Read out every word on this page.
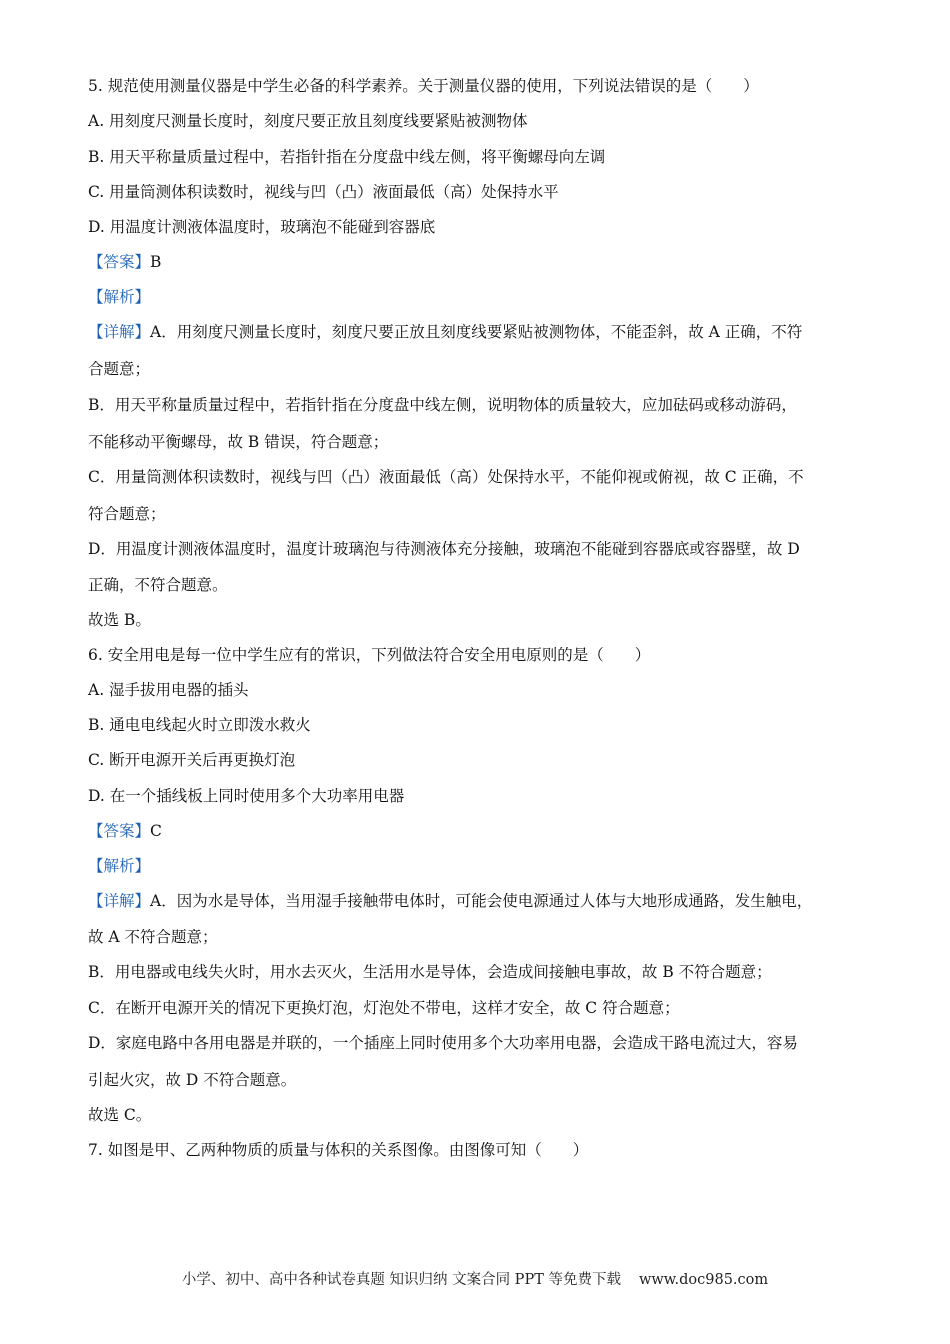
5. 规范使用测量仪器是中学生必备的科学素养。关于测量仪器的使用，下列说法错误的是（　　）
A. 用刻度尺测量长度时，刻度尺要正放且刻度线要紧贴被测物体
B. 用天平称量质量过程中，若指针指在分度盘中线左侧，将平衡螺母向左调
C. 用量筒测体积读数时，视线与凹（凸）液面最低（高）处保持水平
D. 用温度计测液体温度时，玻璃泡不能碰到容器底
【答案】B
【解析】
【详解】A．用刻度尺测量长度时，刻度尺要正放且刻度线要紧贴被测物体，不能歪斜，故 A 正确，不符
合题意；
B．用天平称量质量过程中，若指针指在分度盘中线左侧，说明物体的质量较大，应加砝码或移动游码，
不能移动平衡螺母，故 B 错误，符合题意；
C．用量筒测体积读数时，视线与凹（凸）液面最低（高）处保持水平，不能仰视或俯视，故 C 正确，不
符合题意；
D．用温度计测液体温度时，温度计玻璃泡与待测液体充分接触，玻璃泡不能碰到容器底或容器壁，故 D
正确，不符合题意。
故选 B。
6. 安全用电是每一位中学生应有的常识，下列做法符合安全用电原则的是（　　）
A. 湿手拔用电器的插头
B. 通电电线起火时立即泼水救火
C. 断开电源开关后再更换灯泡
D. 在一个插线板上同时使用多个大功率用电器
【答案】C
【解析】
【详解】A．因为水是导体，当用湿手接触带电体时，可能会使电源通过人体与大地形成通路，发生触电，
故 A 不符合题意；
B．用电器或电线失火时，用水去灭火，生活用水是导体，会造成间接触电事故，故 B 不符合题意；
C．在断开电源开关的情况下更换灯泡，灯泡处不带电，这样才安全，故 C 符合题意；
D．家庭电路中各用电器是并联的，一个插座上同时使用多个大功率用电器，会造成干路电流过大，容易
引起火灾，故 D 不符合题意。
故选 C。
7. 如图是甲、乙两种物质的质量与体积的关系图像。由图像可知（　　）
小学、初中、高中各种试卷真题 知识归纳 文案合同 PPT 等免费下载 www.doc985.com
